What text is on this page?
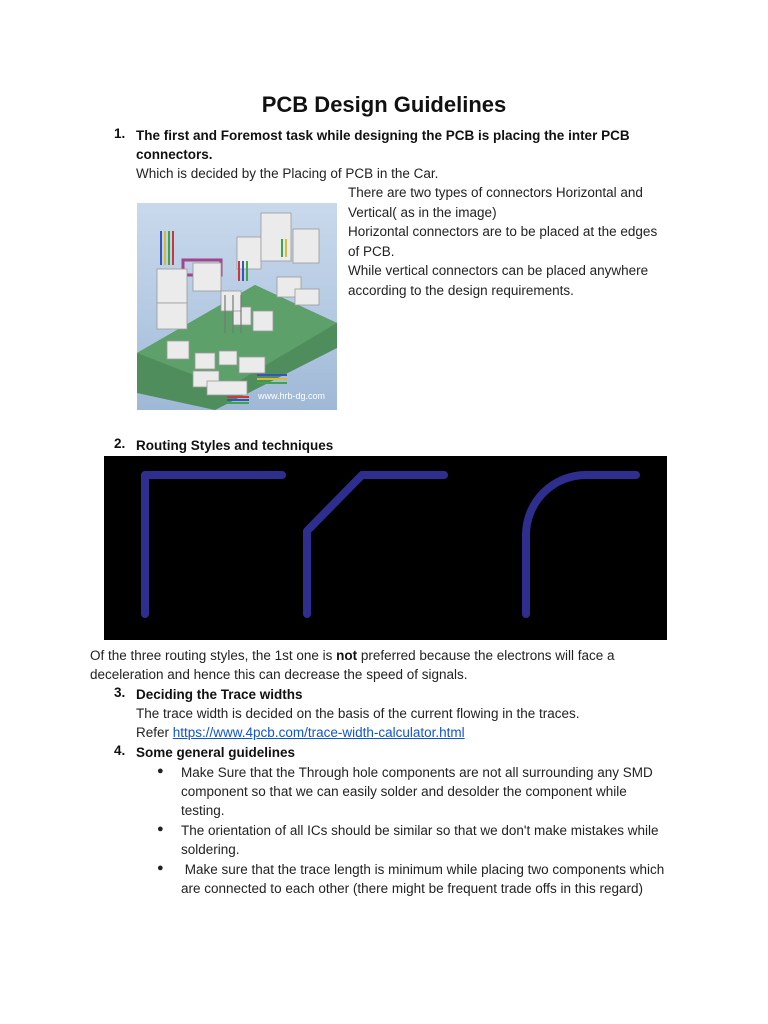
PCB Design Guidelines
1. The first and Foremost task while designing the PCB is placing the inter PCB
connectors.
Which is decided by the Placing of PCB in the Car.
There are two types of connectors Horizontal and
Vertical( as in the image)
Horizontal connectors are to be placed at the edges
of PCB.
While vertical connectors can be placed anywhere
according to the design requirements.
www.hrb-dg.com
2. Routing Styles and techniques
Of the three routing styles, the 1st one is not preferred because the electrons will face a
deceleration and hence this can decrease the speed of signals.
3. Deciding the Trace widths
The trace width is decided on the basis of the current flowing in the traces.
Refer https://www.4pcb.com/trace-width-calculator.html
4. Some general guidelines
● Make Sure that the Through hole components are not all surrounding any SMD
component so that we can easily solder and desolder the component while
testing.
● The orientation of all ICs should be similar so that we don't make mistakes while
soldering.
● Make sure that the trace length is minimum while placing two components which
are connected to each other (there might be frequent trade offs in this regard)
